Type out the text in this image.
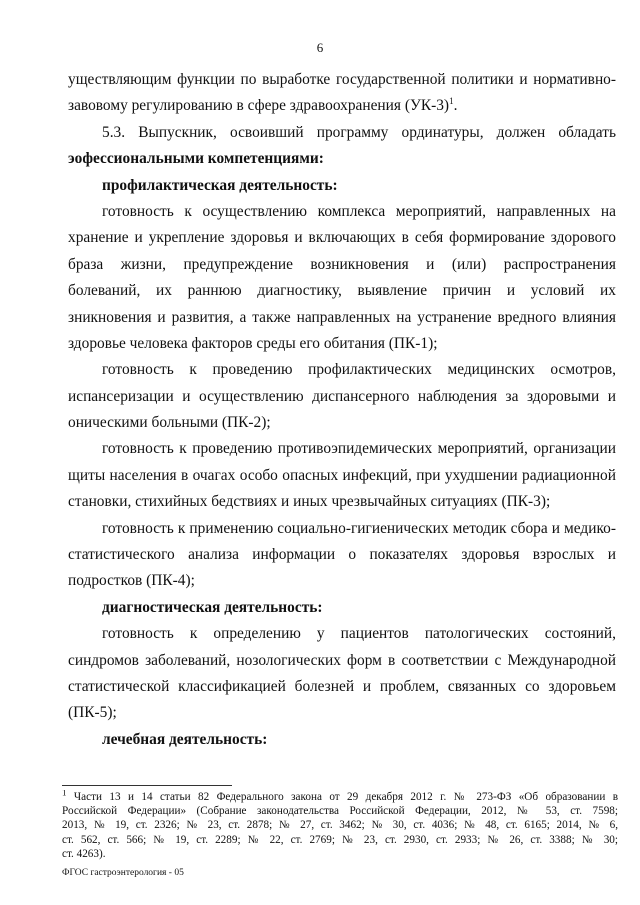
6
уществляющим функции по выработке государственной политики и нормативно-
завовому регулированию в сфере здравоохранения $(УК-3)^1$.
5.3. Выпускник, освоивший программу ординатуры, должен обладать
эофессиональными компетенциями:
профилактическая деятельность:
готовность к осуществлению комплекса мероприятий, направленных на
хранение и укрепление здоровья и включающих в себя формирование здорового
браза жизни, предупреждение возникновения и (или) распространения
болеваний, их раннюю диагностику, выявление причин и условий их
зникновения и развития, а также направленных на устранение вредного влияния
здоровье человека факторов среды его обитания (ПК-1);
готовность к проведению профилактических медицинских осмотров,
испансеризации и осуществлению диспансерного наблюдения за здоровыми и
оническими больными (ПК-2);
готовность к проведению противоэпидемических мероприятий, организации
щиты населения в очагах особо опасных инфекций, при ухудшении радиационной
становки, стихийных бедствиях и иных чрезвычайных ситуациях (ПК-3);
готовность к применению социально-гигиенических методик сбора и медико-
статистического анализа информации о показателях здоровья взрослых и
подростков (ПК-4);
диагностическая деятельность:
готовность к определению у пациентов патологических состояний,
синдромов заболеваний, нозологических форм в соответствии с Международной
статистической классификацией болезней и проблем, связанных со здоровьем
(ПК-5);
лечебная деятельность:
$^1$ Части 13 и 14 статьи 82 Федерального закона от 29 декабря 2012 г. № 273-ФЗ «Об образовании в
Российской Федерации» (Собрание законодательства Российской Федерации, 2012, № 53, ст. 7598;
2013, № 19, ст. 2326; № 23, ст. 2878; № 27, ст. 3462; № 30, ст. 4036; № 48, ст. 6165; 2014, № 6,
ст. 562, ст. 566; № 19, ст. 2289; № 22, ст. 2769; № 23, ст. 2930, ст. 2933; № 26, ст. 3388; № 30;
ст. 4263).
ФГОС гастроэнтерология - 05
